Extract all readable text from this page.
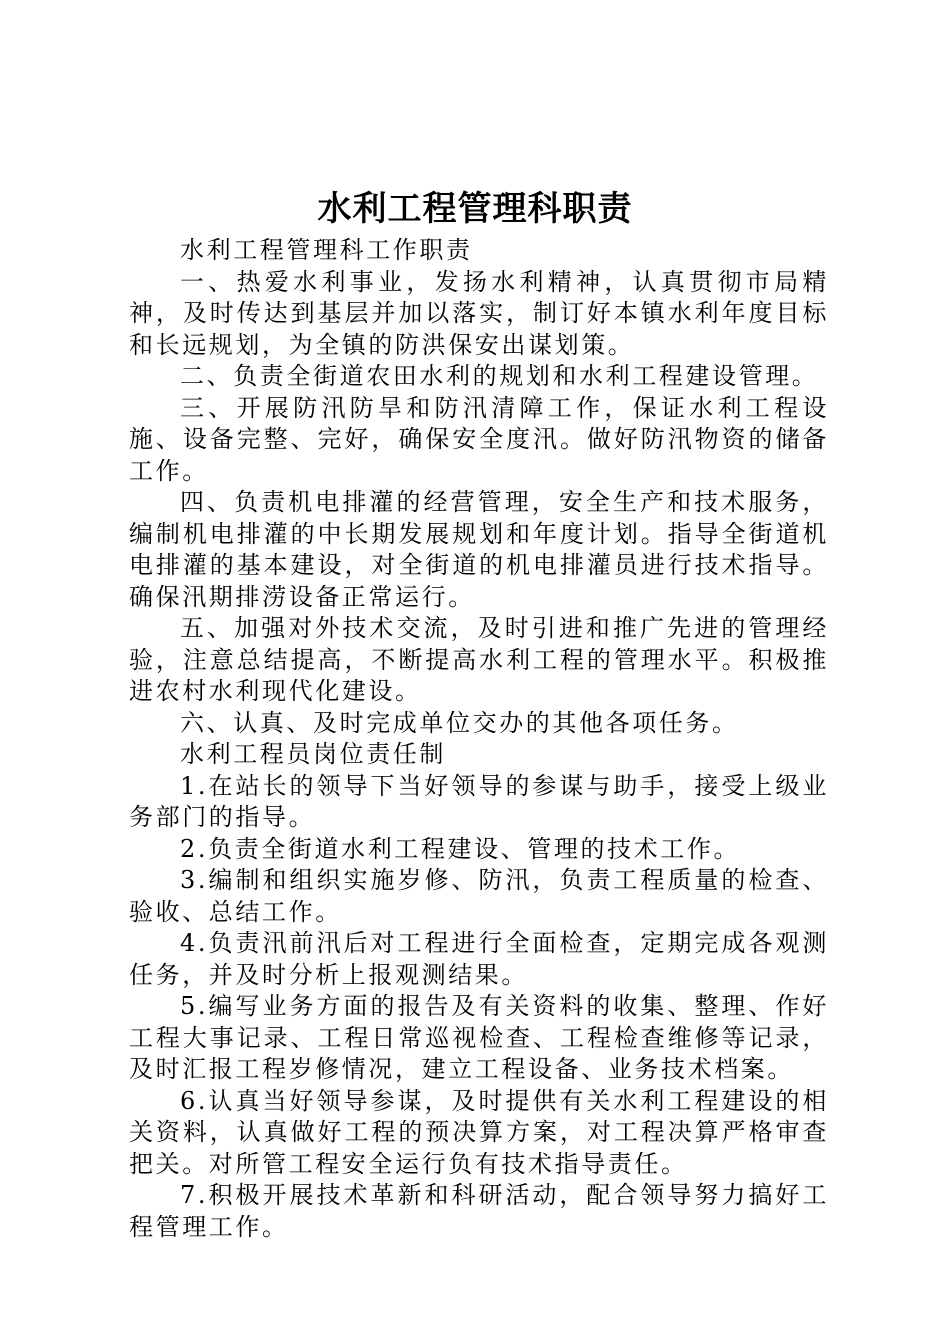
水利工程管理科职责

水利工程管理科工作职责

一、热爱水利事业，发扬水利精神，认真贯彻市局精神，及时传达到基层并加以落实，制订好本镇水利年度目标和长远规划，为全镇的防洪保安出谋划策。

二、负责全街道农田水利的规划和水利工程建设管理。

三、开展防汛防旱和防汛清障工作，保证水利工程设施、设备完整、完好，确保安全度汛。做好防汛物资的储备工作。

四、负责机电排灌的经营管理，安全生产和技术服务，编制机电排灌的中长期发展规划和年度计划。指导全街道机电排灌的基本建设，对全街道的机电排灌员进行技术指导。确保汛期排涝设备正常运行。

五、加强对外技术交流，及时引进和推广先进的管理经验，注意总结提高，不断提高水利工程的管理水平。积极推进农村水利现代化建设。

六、认真、及时完成单位交办的其他各项任务。

水利工程员岗位责任制

1.在站长的领导下当好领导的参谋与助手，接受上级业务部门的指导。

2.负责全街道水利工程建设、管理的技术工作。

3.编制和组织实施岁修、防汛，负责工程质量的检查、验收、总结工作。

4.负责汛前汛后对工程进行全面检查，定期完成各观测任务，并及时分析上报观测结果。

5.编写业务方面的报告及有关资料的收集、整理、作好工程大事记录、工程日常巡视检查、工程检查维修等记录，及时汇报工程岁修情况，建立工程设备、业务技术档案。

6.认真当好领导参谋，及时提供有关水利工程建设的相关资料，认真做好工程的预决算方案，对工程决算严格审查把关。对所管工程安全运行负有技术指导责任。

7.积极开展技术革新和科研活动，配合领导努力搞好工程管理工作。
